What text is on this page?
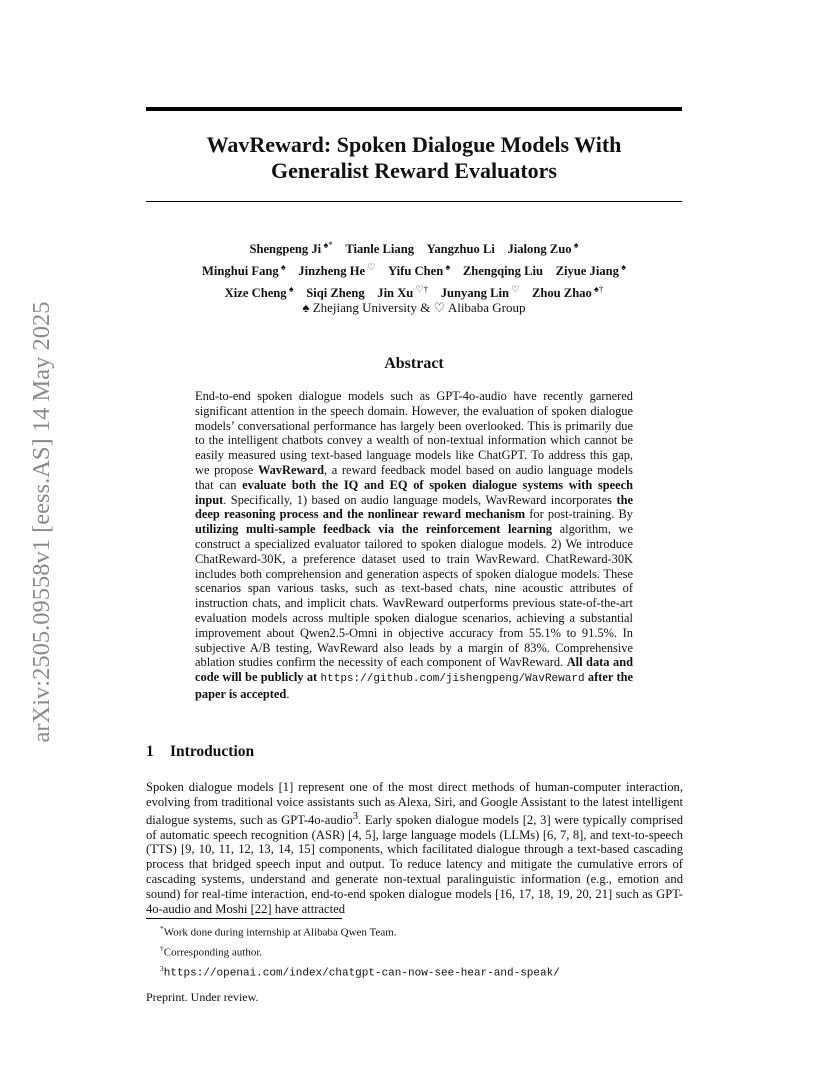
arXiv:2505.09558v1 [eess.AS] 14 May 2025
WavReward: Spoken Dialogue Models With
Generalist Reward Evaluators
Shengpeng Ji ♠*  Tianle Liang  Yangzhuo Li  Jialong Zuo ♠
Minghui Fang ♠  Jinzheng He ♡  Yifu Chen ♠  Zhengqing Liu  Ziyue Jiang ♠
Xize Cheng ♠  Siqi Zheng  Jin Xu ♡†  Junyang Lin ♡  Zhou Zhao ♠†
♠ Zhejiang University & ♡ Alibaba Group
Abstract
End-to-end spoken dialogue models such as GPT-4o-audio have recently garnered significant attention in the speech domain. However, the evaluation of spoken dialogue models’ conversational performance has largely been overlooked. This is primarily due to the intelligent chatbots convey a wealth of non-textual information which cannot be easily measured using text-based language models like ChatGPT. To address this gap, we propose WavReward, a reward feedback model based on audio language models that can evaluate both the IQ and EQ of spoken dialogue systems with speech input. Specifically, 1) based on audio language models, WavReward incorporates the deep reasoning process and the nonlinear reward mechanism for post-training. By utilizing multi-sample feedback via the reinforcement learning algorithm, we construct a specialized evaluator tailored to spoken dialogue models. 2) We introduce ChatReward-30K, a preference dataset used to train WavReward. ChatReward-30K includes both comprehension and generation aspects of spoken dialogue models. These scenarios span various tasks, such as text-based chats, nine acoustic attributes of instruction chats, and implicit chats. WavReward outperforms previous state-of-the-art evaluation models across multiple spoken dialogue scenarios, achieving a substantial improvement about Qwen2.5-Omni in objective accuracy from 55.1% to 91.5%. In subjective A/B testing, WavReward also leads by a margin of 83%. Comprehensive ablation studies confirm the necessity of each component of WavReward. All data and code will be publicly at https://github.com/jishengpeng/WavReward after the paper is accepted.
1 Introduction
Spoken dialogue models [1] represent one of the most direct methods of human-computer interaction, evolving from traditional voice assistants such as Alexa, Siri, and Google Assistant to the latest intelligent dialogue systems, such as GPT-4o-audio$^3$. Early spoken dialogue models [2, 3] were typically comprised of automatic speech recognition (ASR) [4, 5], large language models (LLMs) [6, 7, 8], and text-to-speech (TTS) [9, 10, 11, 12, 13, 14, 15] components, which facilitated dialogue through a text-based cascading process that bridged speech input and output. To reduce latency and mitigate the cumulative errors of cascading systems, understand and generate non-textual paralinguistic information (e.g., emotion and sound) for real-time interaction, end-to-end spoken dialogue models [16, 17, 18, 19, 20, 21] such as GPT-4o-audio and Moshi [22] have attracted
*Work done during internship at Alibaba Qwen Team.
†Corresponding author.
$^3$https://openai.com/index/chatgpt-can-now-see-hear-and-speak/
Preprint. Under review.
